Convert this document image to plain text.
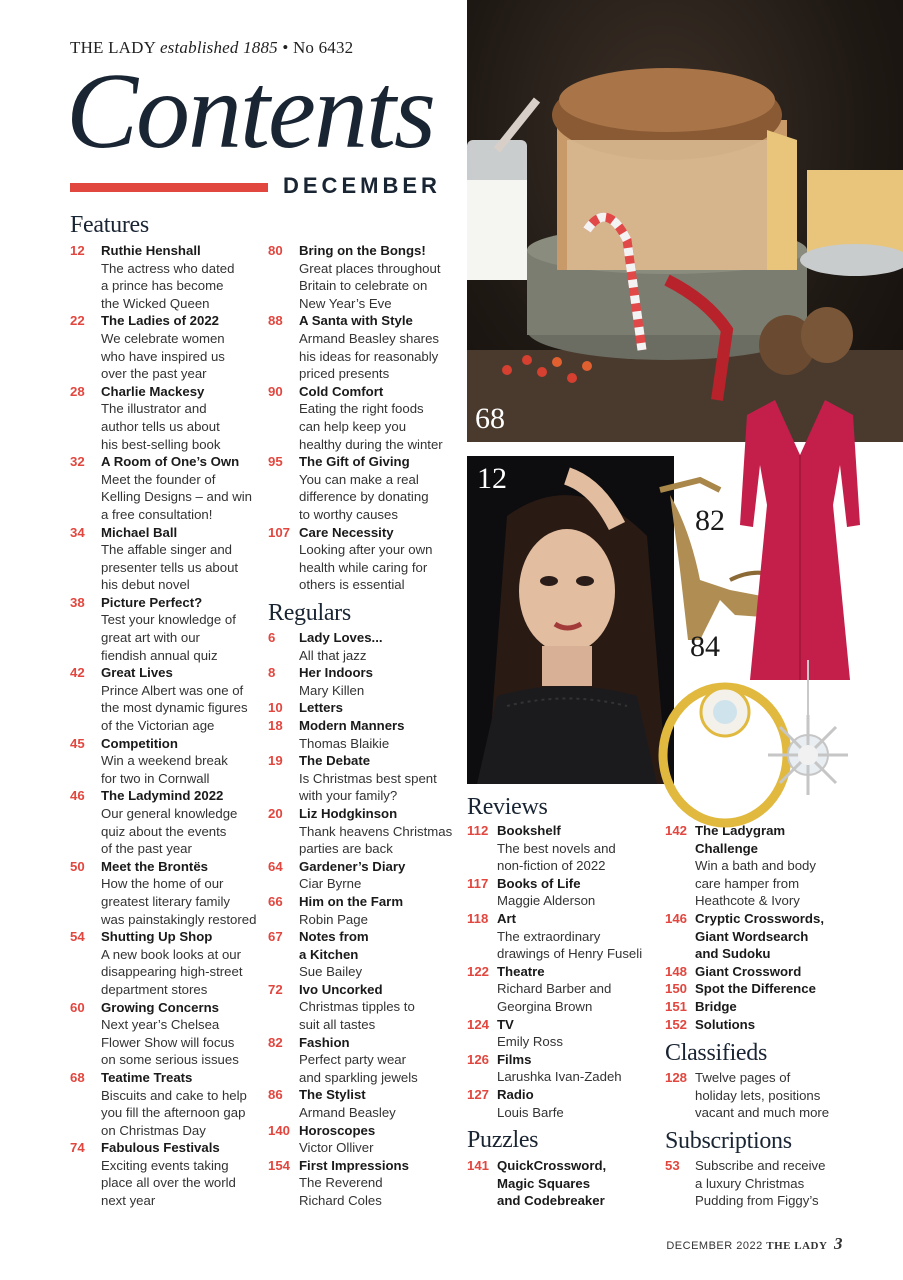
THE LADY established 1885 • No 6432
Contents
DECEMBER
Features
Regulars
Reviews
Puzzles
Classifieds
Subscriptions
12	Ruthie Henshall
The actress who dated
a prince has become
the Wicked Queen
22	The Ladies of 2022
We celebrate women
who have inspired us
over the past year
28	Charlie Mackesy
The illustrator and
author tells us about
his best-selling book
32	A Room of One’s Own
Meet the founder of
Kelling Designs – and win
a free consultation!
34	Michael Ball
The affable singer and
presenter tells us about
his debut novel
38	Picture Perfect?
Test your knowledge of
great art with our
fiendish annual quiz
42	Great Lives
Prince Albert was one of
the most dynamic figures
of the Victorian age
45	Competition
Win a weekend break
for two in Cornwall
46	The Ladymind 2022
Our general knowledge
quiz about the events
of the past year
50	Meet the Brontës
How the home of our
greatest literary family
was painstakingly restored
54	Shutting Up Shop
A new book looks at our
disappearing high-street
department stores
60	Growing Concerns
Next year’s Chelsea
Flower Show will focus
on some serious issues
68	Teatime Treats
Biscuits and cake to help
you fill the afternoon gap
on Christmas Day
74	Fabulous Festivals
Exciting events taking
place all over the world
next year
80	Bring on the Bongs!
Great places throughout
Britain to celebrate on
New Year’s Eve
88	A Santa with Style
Armand Beasley shares
his ideas for reasonably
priced presents
90	Cold Comfort
Eating the right foods
can help keep you
healthy during the winter
95	The Gift of Giving
You can make a real
difference by donating
to worthy causes
107 Care Necessity
Looking after your own
health while caring for
others is essential
6	Lady Loves...
All that jazz
8	Her Indoors
Mary Killen
10	Letters
18	Modern Manners
Thomas Blaikie
19	The Debate
Is Christmas best spent
with your family?
20	Liz Hodgkinson
Thank heavens Christmas
parties are back
64	Gardener’s Diary
Ciar Byrne
66	Him on the Farm
Robin Page
67	Notes from
a Kitchen
Sue Bailey
72	Ivo Uncorked
Christmas tipples to
suit all tastes
82	Fashion
Perfect party wear
and sparkling jewels
86	The Stylist
Armand Beasley
140 Horoscopes
Victor Olliver
154 First Impressions
The Reverend
Richard Coles
112 Bookshelf
The best novels and
non-fiction of 2022
117 Books of Life
Maggie Alderson
118 Art
The extraordinary
drawings of Henry Fuseli
122 Theatre
Richard Barber and
Georgina Brown
124 TV
Emily Ross
126 Films
Larushka Ivan-Zadeh
127 Radio
Louis Barfe
141 QuickCrossword,
Magic Squares
and Codebreaker
142 The Ladygram
Challenge
Win a bath and body
care hamper from
Heathcote & Ivory
146 Cryptic Crosswords,
Giant Wordsearch
and Sudoku
148 Giant Crossword
150 Spot the Difference
151 Bridge
152 Solutions
128 Twelve pages of
holiday lets, positions
vacant and much more
53	Subscribe and receive
a luxury Christmas
Pudding from Figgy’s
68
12
82
84
DECEMBER 2022 THE LADY 3
